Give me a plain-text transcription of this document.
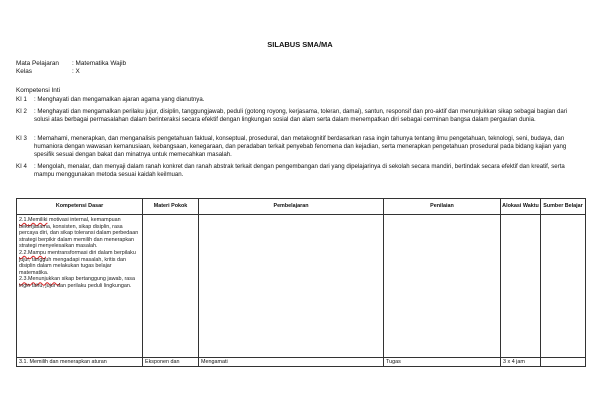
SILABUS SMA/MA
Mata Pelajaran	: Matematika Wajib
Kelas	: X
Kompetensi Inti
KI 1	: Menghayati dan mengamalkan ajaran agama yang dianutnya.
KI 2	: Menghayati dan mengamalkan perilaku jujur, disiplin, tanggungjawab, peduli (gotong royong, kerjasama, toleran, damai), santun, responsif dan pro-aktif dan menunjukkan sikap sebagai bagian dari solusi atas berbagai permasalahan dalam berinteraksi secara efektif dengan lingkungan sosial dan alam serta dalam menempatkan diri sebagai cerminan bangsa dalam pergaulan dunia.
KI 3	: Memahami, menerapkan, dan menganalisis pengetahuan faktual, konseptual, prosedural, dan metakognitif berdasarkan rasa ingin tahunya tentang ilmu pengetahuan, teknologi, seni, budaya, dan humaniora dengan wawasan kemanusiaan, kebangsaan, kenegaraan, dan peradaban terkait penyebab fenomena dan kejadian, serta menerapkan pengetahuan prosedural pada bidang kajian yang spesifik sesuai dengan bakat dan minatnya untuk memecahkan masalah.
KI 4	: Mengolah, menalar, dan menyaji dalam ranah konkret dan ranah abstrak terkait dengan pengembangan dari yang dipelajarinya di sekolah secara mandiri, bertindak secara efektif dan kreatif, serta mampu menggunakan metoda sesuai kaidah keilmuan.
Kompetensi Dasar	Materi Pokok	Pembelajaran	Penilaian	Alokasi Waktu	Sumber Belajar

2.1.Memiliki motivasi internal, kemampuan bekerjasama, konsisten, sikap disiplin, rasa percaya diri, dan sikap toleransi dalam perbedaan strategi berpikir dalam memilih dan menerapkan strategi menyelesaikan masalah.
2.2.Mampu mentransformasi diri dalam berpilaku jujur, tangguh mengadapi masalah, kritis dan disiplin dalam melakukan tugas belajar matematika.
2.3.Menunjukkan sikap bertanggung jawab, rasa ingin tahu, jujur dan perilaku peduli lingkungan.					

3.1. Memilih dan menerapkan aturan	Eksponen dan	Mengamati	Tugas	3 x 4 jam	
